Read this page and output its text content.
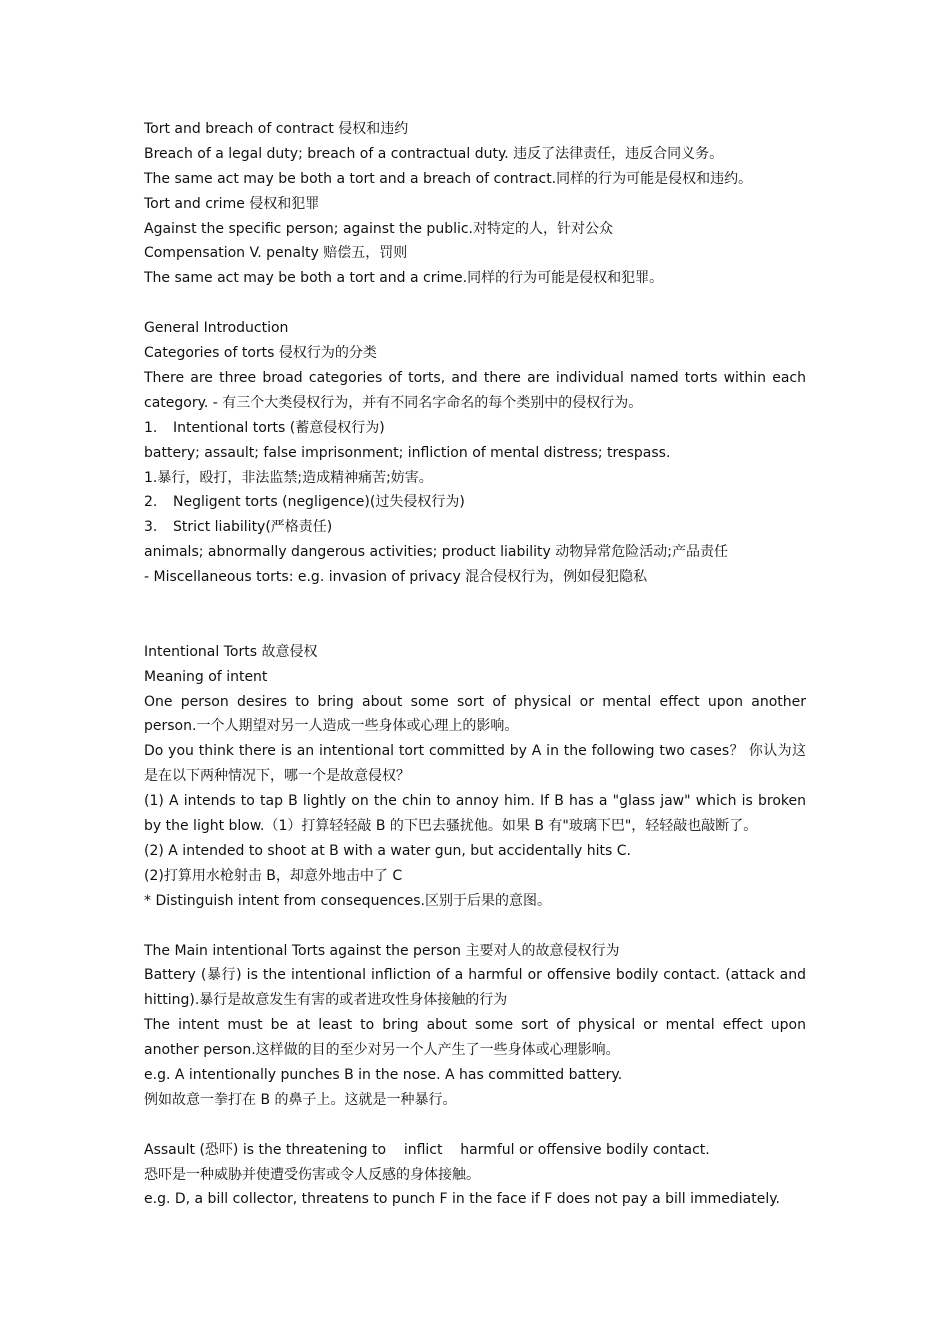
Tort and breach of contract 侵权和违约
Breach of a legal duty; breach of a contractual duty. 违反了法律责任，违反合同义务。
The same act may be both a tort and a breach of contract.同样的行为可能是侵权和违约。
Tort and crime 侵权和犯罪
Against the specific person; against the public.对特定的人，针对公众
Compensation V. penalty 赔偿五，罚则
The same act may be both a tort and a crime.同样的行为可能是侵权和犯罪。
General Introduction
Categories of torts 侵权行为的分类
There are three broad categories of torts, and there are individual named torts within each category. - 有三个大类侵权行为，并有不同名字命名的每个类别中的侵权行为。
1.	Intentional torts (蓄意侵权行为)
battery; assault; false imprisonment; infliction of mental distress; trespass.
1.暴行，殴打，非法监禁;造成精神痛苦;妨害。
2.	Negligent torts (negligence)(过失侵权行为)
3.	Strict liability(严格责任)
animals; abnormally dangerous activities; product liability 动物异常危险活动;产品责任
- Miscellaneous torts: e.g. invasion of privacy 混合侵权行为，例如侵犯隐私
Intentional Torts 故意侵权
Meaning of intent
One person desires to bring about some sort of physical or mental effect upon another person.一个人期望对另一人造成一些身体或心理上的影响。
Do you think there is an intentional tort committed by A in the following two cases？ 你认为这是在以下两种情况下，哪一个是故意侵权？
(1) A intends to tap B lightly on the chin to annoy him. If B has a "glass jaw" which is broken by the light blow.（1）打算轻轻敲 B 的下巴去骚扰他。如果 B 有"玻璃下巴"，轻轻敲也敲断了。
(2) A intended to shoot at B with a water gun, but accidentally hits C.
(2)打算用水枪射击 B，却意外地击中了 C
* Distinguish intent from consequences.区别于后果的意图。
The Main intentional Torts against the person 主要对人的故意侵权行为
Battery (暴行) is the intentional infliction of a harmful or offensive bodily contact. (attack and hitting).暴行是故意发生有害的或者进攻性身体接触的行为
The intent must be at least to bring about some sort of physical or mental effect upon another person.这样做的目的至少对另一个人产生了一些身体或心理影响。
e.g. A intentionally punches B in the nose. A has committed battery.
例如故意一拳打在 B 的鼻子上。这就是一种暴行。
Assault (恐吓) is the threatening to    inflict    harmful or offensive bodily contact.
恐吓是一种威胁并使遭受伤害或令人反感的身体接触。
e.g. D, a bill collector, threatens to punch F in the face if F does not pay a bill immediately.
